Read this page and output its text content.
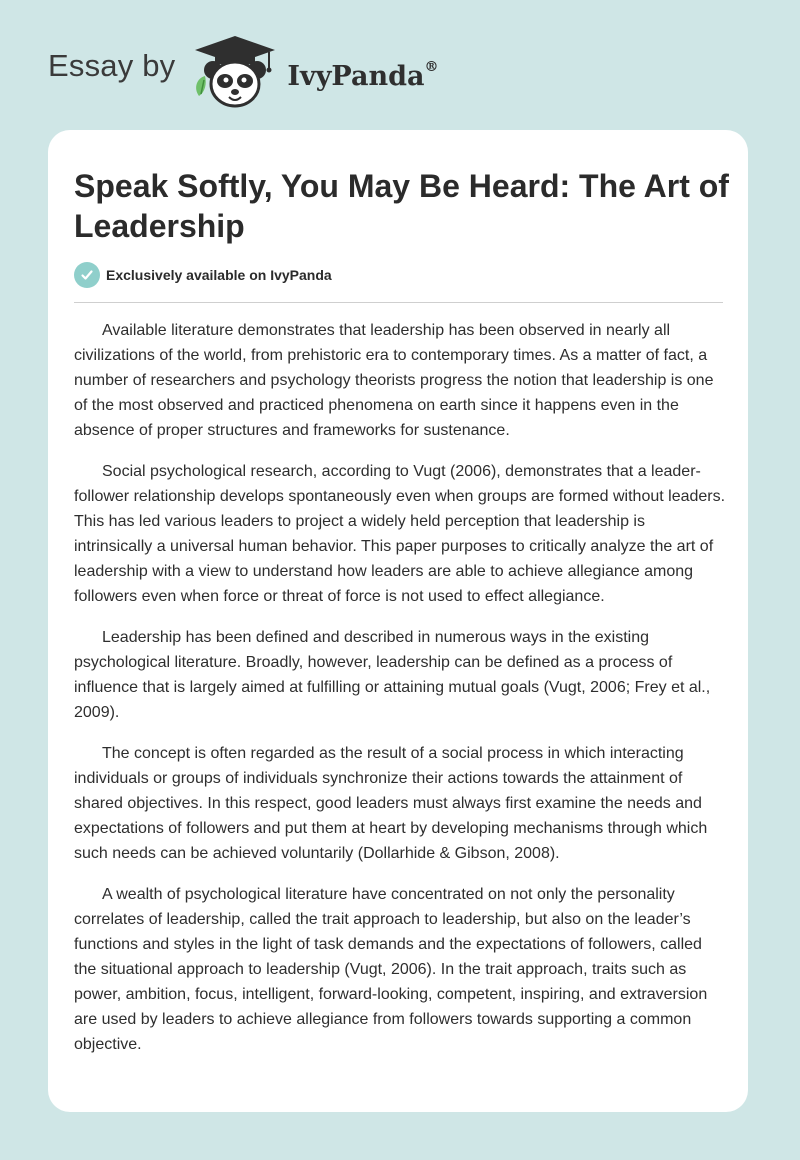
Essay by	IvyPanda®
Speak Softly, You May Be Heard: The Art of Leadership
Exclusively available on IvyPanda

Available literature demonstrates that leadership has been observed in nearly all civilizations of the world, from prehistoric era to contemporary times. As a matter of fact, a number of researchers and psychology theorists progress the notion that leadership is one of the most observed and practiced phenomena on earth since it happens even in the absence of proper structures and frameworks for sustenance.

Social psychological research, according to Vugt (2006), demonstrates that a leader-follower relationship develops spontaneously even when groups are formed without leaders. This has led various leaders to project a widely held perception that leadership is intrinsically a universal human behavior. This paper purposes to critically analyze the art of leadership with a view to understand how leaders are able to achieve allegiance among followers even when force or threat of force is not used to effect allegiance.

Leadership has been defined and described in numerous ways in the existing psychological literature. Broadly, however, leadership can be defined as a process of influence that is largely aimed at fulfilling or attaining mutual goals (Vugt, 2006; Frey et al., 2009).

The concept is often regarded as the result of a social process in which interacting individuals or groups of individuals synchronize their actions towards the attainment of shared objectives. In this respect, good leaders must always first examine the needs and expectations of followers and put them at heart by developing mechanisms through which such needs can be achieved voluntarily (Dollarhide & Gibson, 2008).

A wealth of psychological literature have concentrated on not only the personality correlates of leadership, called the trait approach to leadership, but also on the leader’s functions and styles in the light of task demands and the expectations of followers, called the situational approach to leadership (Vugt, 2006). In the trait approach, traits such as power, ambition, focus, intelligent, forward-looking, competent, inspiring, and extraversion are used by leaders to achieve allegiance from followers towards supporting a common objective.
